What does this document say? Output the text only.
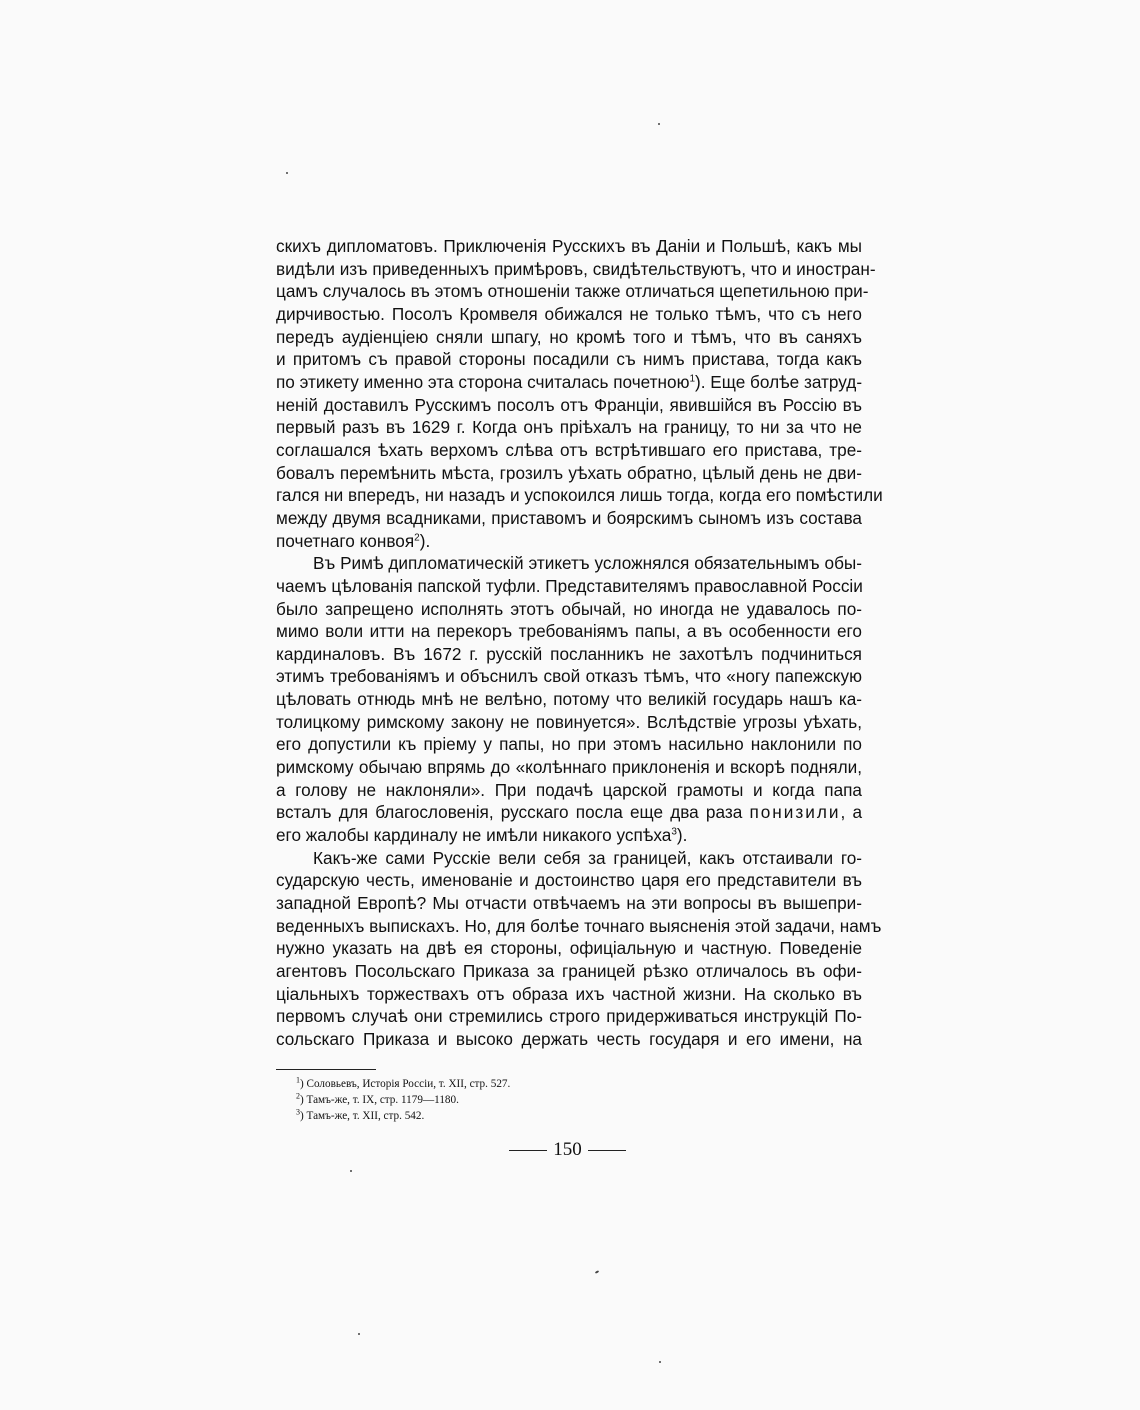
скихъ дипломатовъ. Приключенія Русскихъ въ Даніи и Польшѣ, какъ мы
видѣли изъ приведенныхъ примѣровъ, свидѣтельствуютъ, что и иностран-
цамъ случалось въ этомъ отношеніи также отличаться щепетильною при-
дирчивостью. Посолъ Кромвеля обижался не только тѣмъ, что съ него
передъ аудіенціею сняли шпагу, но кромѣ того и тѣмъ, что въ саняхъ
и притомъ съ правой стороны посадили съ нимъ пристава, тогда какъ
по этикету именно эта сторона считалась почетною$^1$). Еще болѣе затруд-
неній доставилъ Русскимъ посолъ отъ Франціи, явившійся въ Россію въ
первый разъ въ 1629 г. Когда онъ пріѣхалъ на границу, то ни за что не
соглашался ѣхать верхомъ слѣва отъ встрѣтившаго его пристава, тре-
бовалъ перемѣнить мѣста, грозилъ уѣхать обратно, цѣлый день не дви-
гался ни впередъ, ни назадъ и успокоился лишь тогда, когда его помѣстили
между двумя всадниками, приставомъ и боярскимъ сыномъ изъ состава
почетнаго конвоя$^2$).

Въ Римѣ дипломатическій этикетъ усложнялся обязательнымъ обы-
чаемъ цѣлованія папской туфли. Представителямъ православной Россіи
было запрещено исполнять этотъ обычай, но иногда не удавалось по-
мимо воли итти на перекоръ требованіямъ папы, а въ особенности его
кардиналовъ. Въ 1672 г. русскій посланникъ не захотѣлъ подчиниться
этимъ требованіямъ и объснилъ свой отказъ тѣмъ, что «ногу папежскую
цѣловать отнюдь мнѣ не велѣно, потому что великій государь нашъ ка-
толицкому римскому закону не повинуется». Вслѣдствіе угрозы уѣхать,
его допустили къ пріему у папы, но при этомъ насильно наклонили по
римскому обычаю впрямь до «колѣннаго приклоненія и вскорѣ подняли,
а голову не наклоняли». При подачѣ царской грамоты и когда папа
всталъ для благословенія, русскаго посла еще два раза понизили, а
его жалобы кардиналу не имѣли никакого успѣха$^3$).

Какъ-же сами Русскіе вели себя за границей, какъ отстаивали го-
сударскую честь, именованіе и достоинство царя его представители въ
западной Европѣ? Мы отчасти отвѣчаемъ на эти вопросы въ вышепри-
веденныхъ выпискахъ. Но, для болѣе точнаго выясненія этой задачи, намъ
нужно указать на двѣ ея стороны, офиціальную и частную. Поведеніе
агентовъ Посольскаго Приказа за границей рѣзко отличалось въ офи-
ціальныхъ торжествахъ отъ образа ихъ частной жизни. На сколько въ
первомъ случаѣ они стремились строго придерживаться инструкцій По-
сольскаго Приказа и высоко держать честь государя и его имени, на

$^1$) Соловьевъ, Исторія Россіи, т. XII, стр. 527.
$^2$) Тамъ-же, т. IX, стр. 1179—1180.
$^3$) Тамъ-же, т. XII, стр. 542.
150
